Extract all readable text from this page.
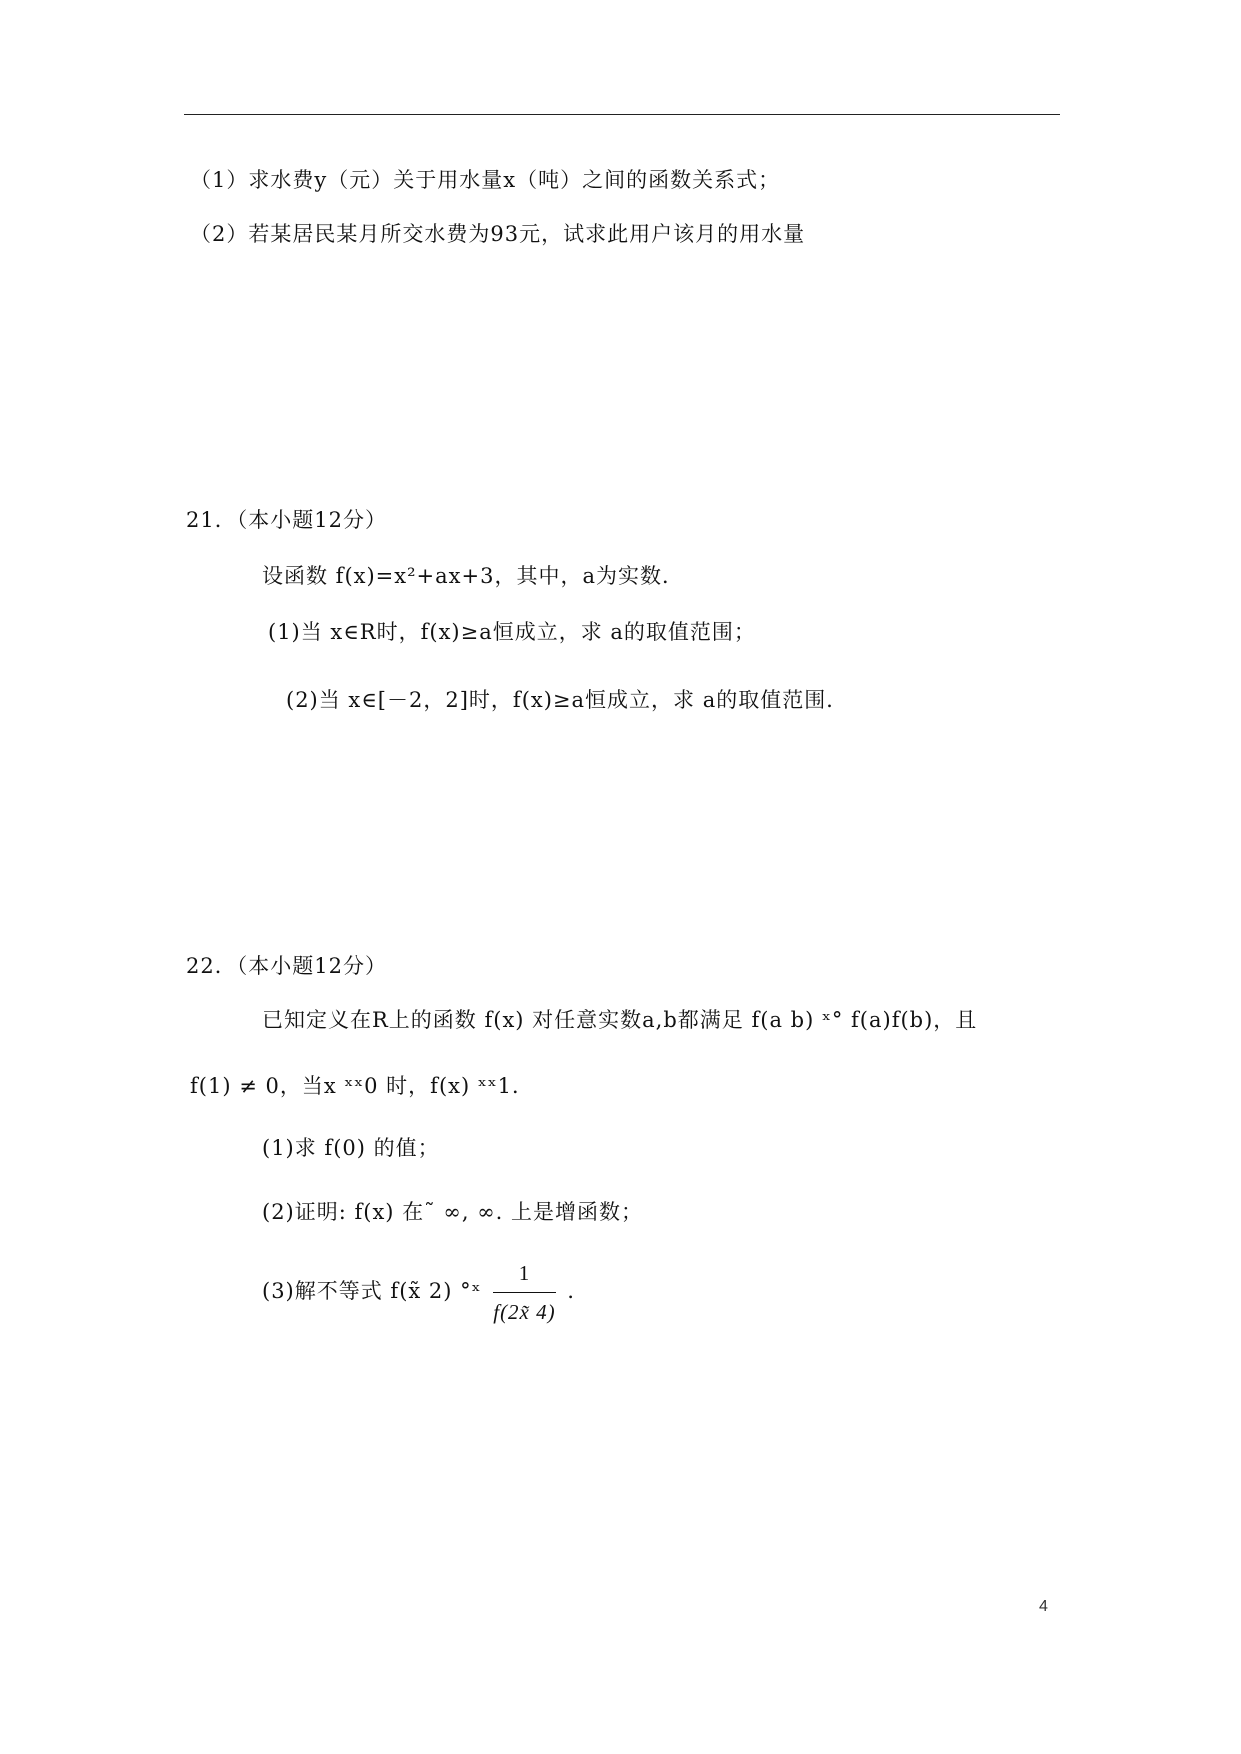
（1）求水费y（元）关于用水量x（吨）之间的函数关系式；
（2）若某居民某月所交水费为93元，试求此用户该月的用水量
21．（本小题12分）
设函数 f(x)=x²+ax+3，其中，a为实数．
(1)当 x∈R时，f(x)≥a恒成立，求 a的取值范围；
(2)当 x∈[－2，2]时，f(x)≥a恒成立，求 a的取值范围．
22．（本小题12分）
已知定义在R上的函数 f(x) 对任意实数a,b都满足 f(a b) ˣ° f(a)f(b)，且
f(1) ≠ 0，当x ˣˣ0 时，f(x) ˣˣ1．
(1)求 f(0) 的值；
(2)证明: f(x) 在˜ ∞, ∞. 上是增函数；
(3)解不等式 f(x̃ 2) °ˣ $\frac{1}{f(2x̃ 4)}$ ．
4
